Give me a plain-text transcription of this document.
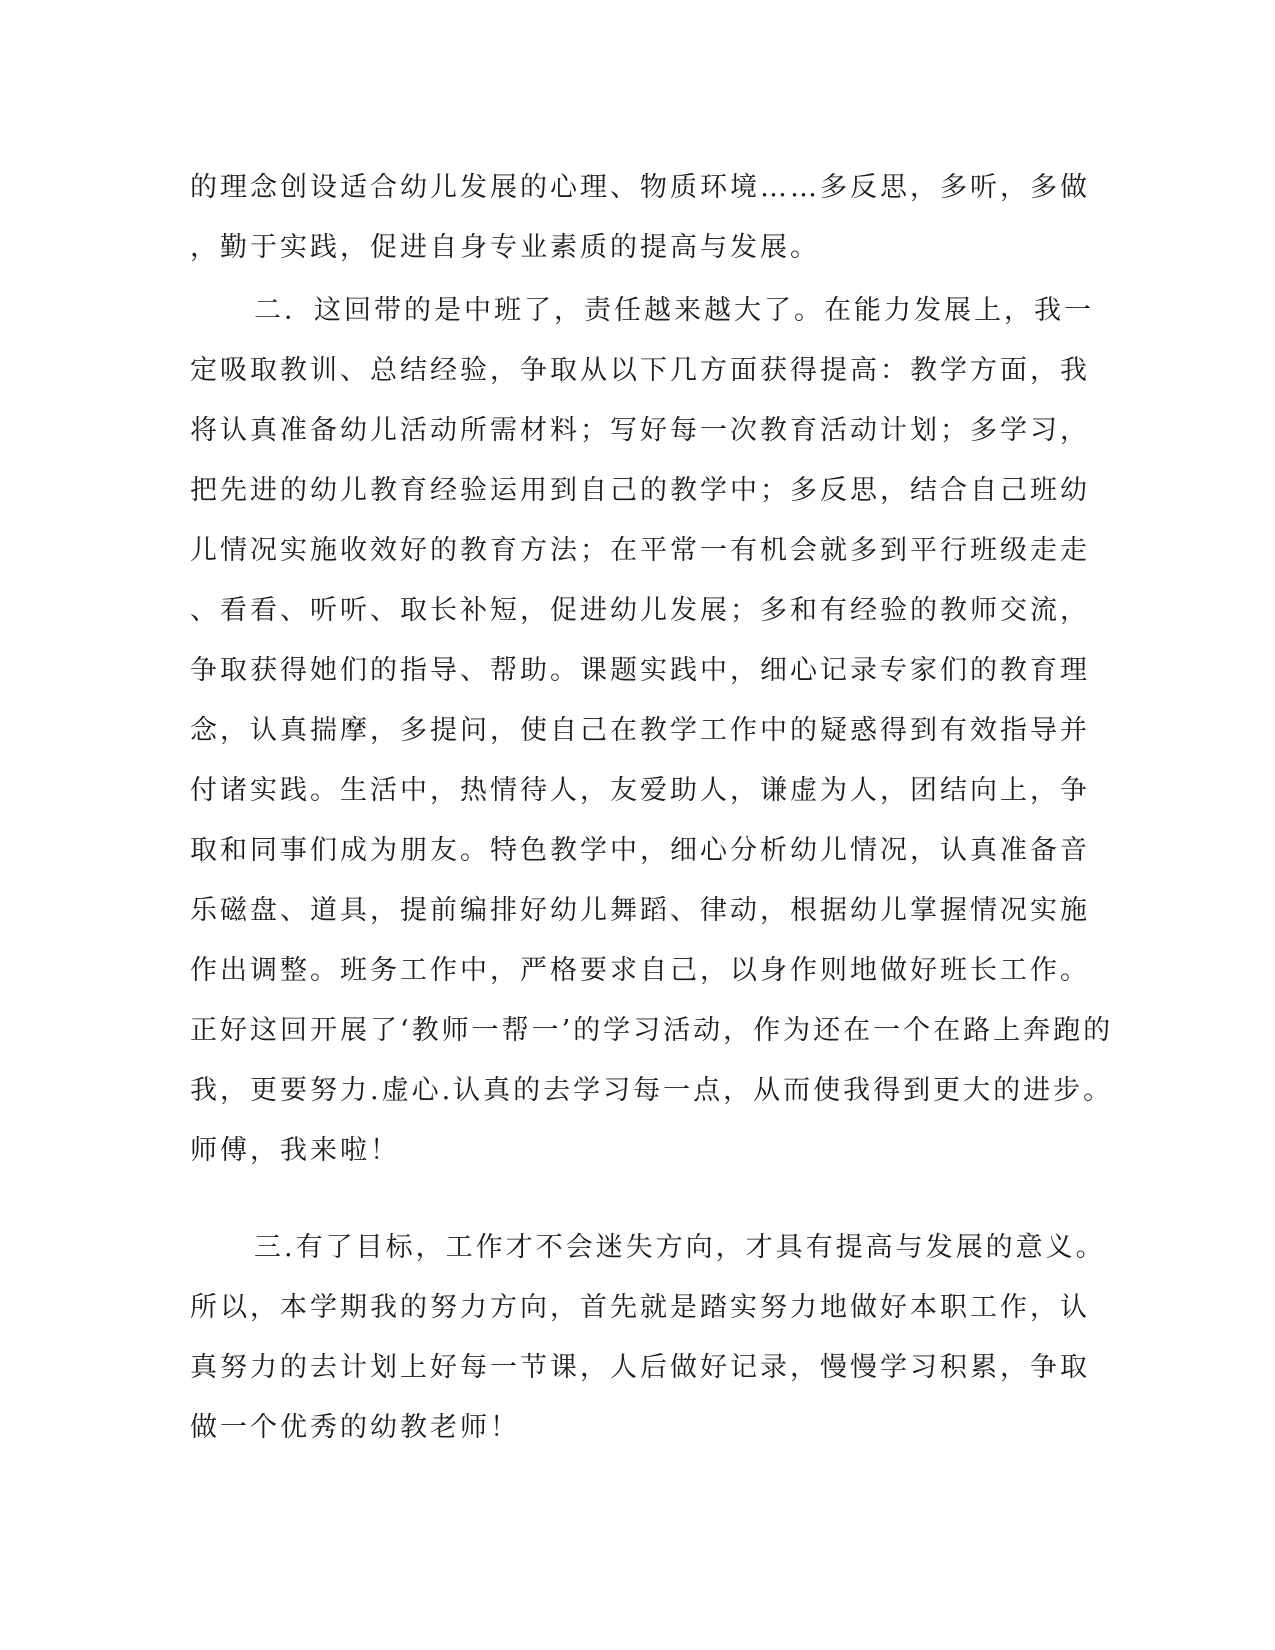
的理念创设适合幼儿发展的心理、物质环境……多反思，多听，多做
，勤于实践，促进自身专业素质的提高与发展。
二．这回带的是中班了，责任越来越大了。在能力发展上，我一
定吸取教训、总结经验，争取从以下几方面获得提高：教学方面，我
将认真准备幼儿活动所需材料；写好每一次教育活动计划；多学习，
把先进的幼儿教育经验运用到自己的教学中；多反思，结合自己班幼
儿情况实施收效好的教育方法；在平常一有机会就多到平行班级走走
、看看、听听、取长补短，促进幼儿发展；多和有经验的教师交流，
争取获得她们的指导、帮助。课题实践中，细心记录专家们的教育理
念，认真揣摩，多提问，使自己在教学工作中的疑惑得到有效指导并
付诸实践。生活中，热情待人，友爱助人，谦虚为人，团结向上，争
取和同事们成为朋友。特色教学中，细心分析幼儿情况，认真准备音
乐磁盘、道具，提前编排好幼儿舞蹈、律动，根据幼儿掌握情况实施
作出调整。班务工作中，严格要求自己，以身作则地做好班长工作。
正好这回开展了‘教师一帮一’的学习活动，作为还在一个在路上奔跑的
我，更要努力.虚心.认真的去学习每一点，从而使我得到更大的进步。
师傅，我来啦！
三.有了目标，工作才不会迷失方向，才具有提高与发展的意义。
所以，本学期我的努力方向，首先就是踏实努力地做好本职工作，认
真努力的去计划上好每一节课，人后做好记录，慢慢学习积累，争取
做一个优秀的幼教老师！
